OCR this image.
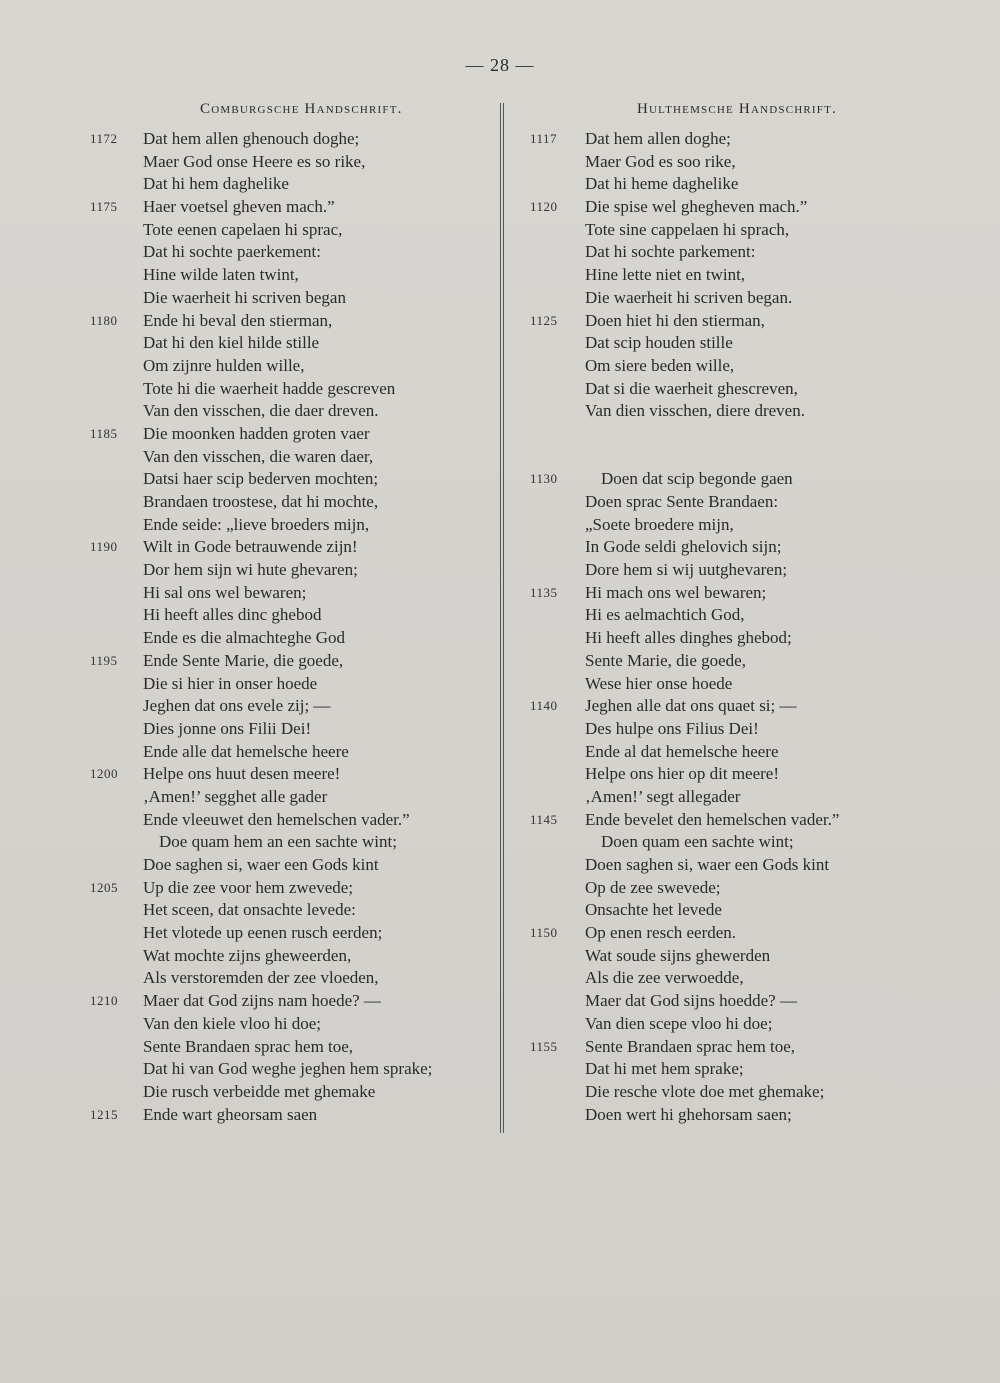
— 28 —
Comburgsche Handschrift.	Hulthemsche Handschrift.
1172 Dat hem allen ghenouch doghe;
Maer God onse Heere es so rike,
Dat hi hem daghelike
1175 Haer voetsel gheven mach.”
Tote eenen capelaen hi sprac,
Dat hi sochte paerkement:
Hine wilde laten twint,
Die waerheit hi scriven began
1180 Ende hi beval den stierman,
Dat hi den kiel hilde stille
Om zijnre hulden wille,
Tote hi die waerheit hadde gescreven
Van den visschen, die daer dreven.
1185 Die moonken hadden groten vaer
Van den visschen, die waren daer,
Datsi haer scip bederven mochten;
Brandaen troostese, dat hi mochte,
Ende seide: „lieve broeders mijn,
1190 Wilt in Gode betrauwende zijn!
Dor hem sijn wi hute ghevaren;
Hi sal ons wel bewaren;
Hi heeft alles dinc ghebod
Ende es die almachteghe God
1195 Ende Sente Marie, die goede,
Die si hier in onser hoede
Jeghen dat ons evele zij; —
Dies jonne ons Filii Dei!
Ende alle dat hemelsche heere
1200 Helpe ons huut desen meere!
‚Amen!’ segghet alle gader
Ende vleeuwet den hemelschen vader.”
Doe quam hem an een sachte wint;
Doe saghen si, waer een Gods kint
1205 Up die zee voor hem zwevede;
Het sceen, dat onsachte levede:
Het vlotede up eenen rusch eerden;
Wat mochte zijns gheweerden,
Als verstoremden der zee vloeden,
1210 Maer dat God zijns nam hoede? —
Van den kiele vloo hi doe;
Sente Brandaen sprac hem toe,
Dat hi van God weghe jeghen hem sprake;
Die rusch verbeidde met ghemake
1215 Ende wart gheorsam saen
1117 Dat hem allen doghe;
Maer God es soo rike,
Dat hi heme daghelike
1120 Die spise wel ghegheven mach.”
Tote sine cappelaen hi sprach,
Dat hi sochte parkement:
Hine lette niet en twint,
Die waerheit hi scriven began.
1125 Doen hiet hi den stierman,
Dat scip houden stille
Om siere beden wille,
Dat si die waerheit ghescreven,
Van dien visschen, diere dreven.
1130	Doen dat scip begonde gaen
Doen sprac Sente Brandaen:
„Soete broedere mijn,
In Gode seldi ghelovich sijn;
Dore hem si wij uutghevaren;
1135 Hi mach ons wel bewaren;
Hi es aelmachtich God,
Hi heeft alles dinghes ghebod;
Sente Marie, die goede,
Wese hier onse hoede
1140 Jeghen alle dat ons quaet si; —
Des hulpe ons Filius Dei!
Ende al dat hemelsche heere
Helpe ons hier op dit meere!
‚Amen!’ segt allegader
1145 Ende bevelet den hemelschen vader.”
Doen quam een sachte wint;
Doen saghen si, waer een Gods kint
Op de zee swevede;
Onsachte het levede
1150 Op enen resch eerden.
Wat soude sijns ghewerden
Als die zee verwoedde,
Maer dat God sijns hoedde? —
Van dien scepe vloo hi doe;
1155 Sente Brandaen sprac hem toe,
Dat hi met hem sprake;
Die resche vlote doe met ghemake;
Doen wert hi ghehorsam saen;
